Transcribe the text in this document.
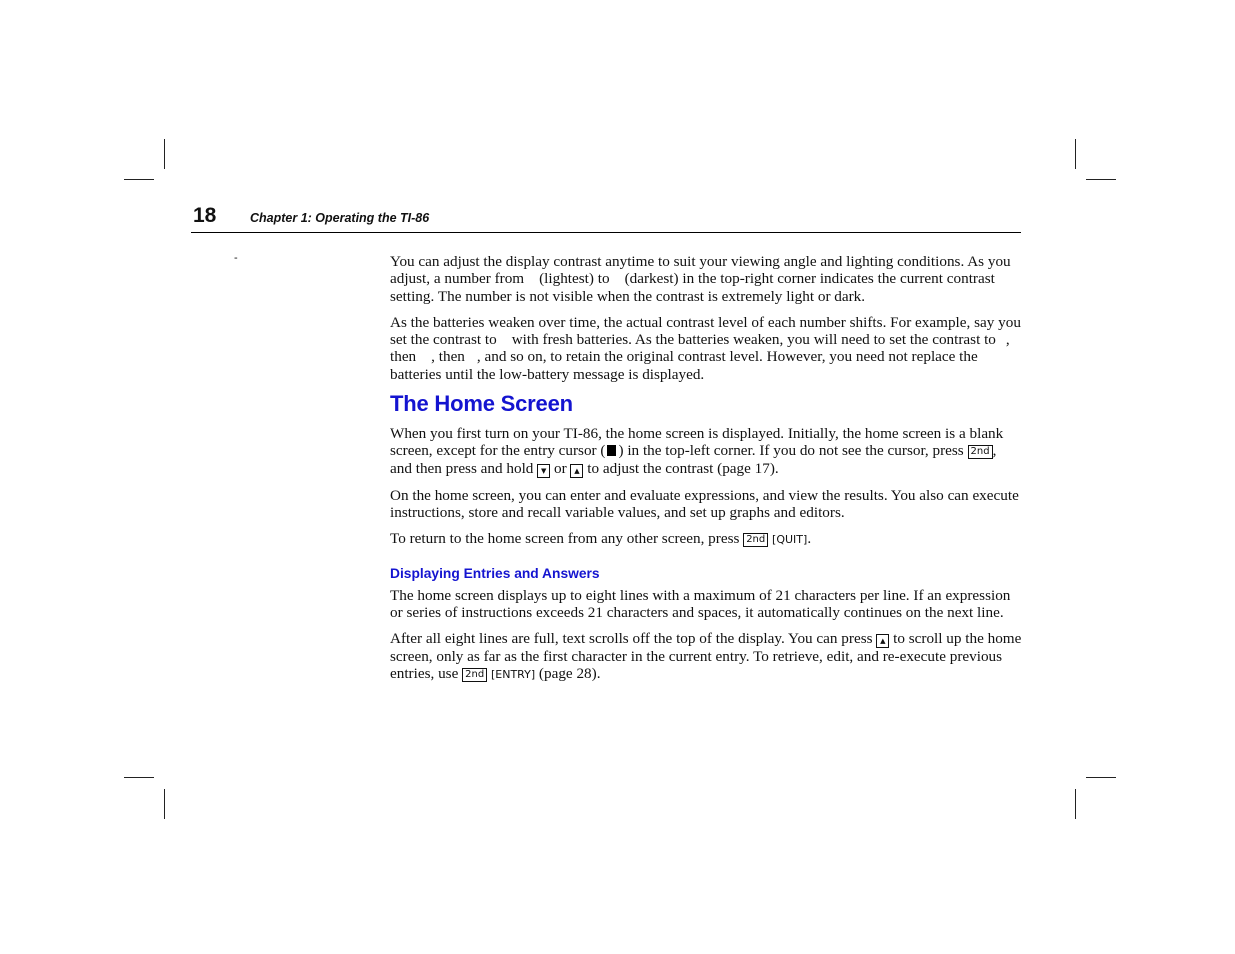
18	Chapter 1: Operating the TI-86
-	You can adjust the display contrast anytime to suit your viewing angle and lighting conditions. As you adjust, a number from (lightest) to (darkest) in the top-right corner indicates the current contrast setting. The number is not visible when the contrast is extremely light or dark.

As the batteries weaken over time, the actual contrast level of each number shifts. For example, say you set the contrast to with fresh batteries. As the batteries weaken, you will need to set the contrast to , then , then , and so on, to retain the original contrast level. However, you need not replace the batteries until the low-battery message is displayed.

The Home Screen

When you first turn on your TI-86, the home screen is displayed. Initially, the home screen is a blank screen, except for the entry cursor ( ) in the top-left corner. If you do not see the cursor, press 2nd , and then press and hold ▼ or ▲ to adjust the contrast (page 17).

On the home screen, you can enter and evaluate expressions, and view the results. You also can execute instructions, store and recall variable values, and set up graphs and editors.

To return to the home screen from any other screen, press 2nd [QUIT].

Displaying Entries and Answers

The home screen displays up to eight lines with a maximum of 21 characters per line. If an expression or series of instructions exceeds 21 characters and spaces, it automatically continues on the next line.

After all eight lines are full, text scrolls off the top of the display. You can press ▲ to scroll up the home screen, only as far as the first character in the current entry. To retrieve, edit, and re-execute previous entries, use 2nd [ENTRY] (page 28).
